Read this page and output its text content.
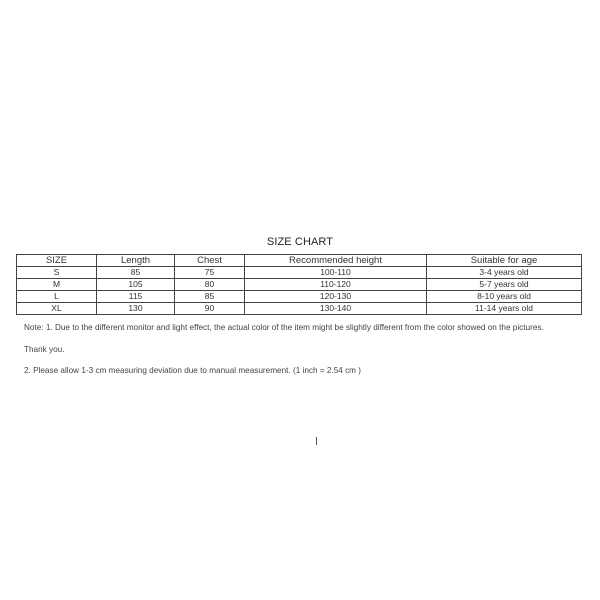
SIZE CHART
SIZE	Length	Chest	Recommended height	Suitable for age
S	85	75	100-110	3-4 years old
M	105	80	110-120	5-7 years old
L	115	85	120-130	8-10 years old
XL	130	90	130-140	11-14 years old
Note: 1. Due to the different monitor and light effect, the actual color of the item might be slightly different from the color showed on the pictures.
Thank you.
2. Please allow 1-3 cm measuring deviation due to manual measurement. (1 inch = 2.54 cm )
